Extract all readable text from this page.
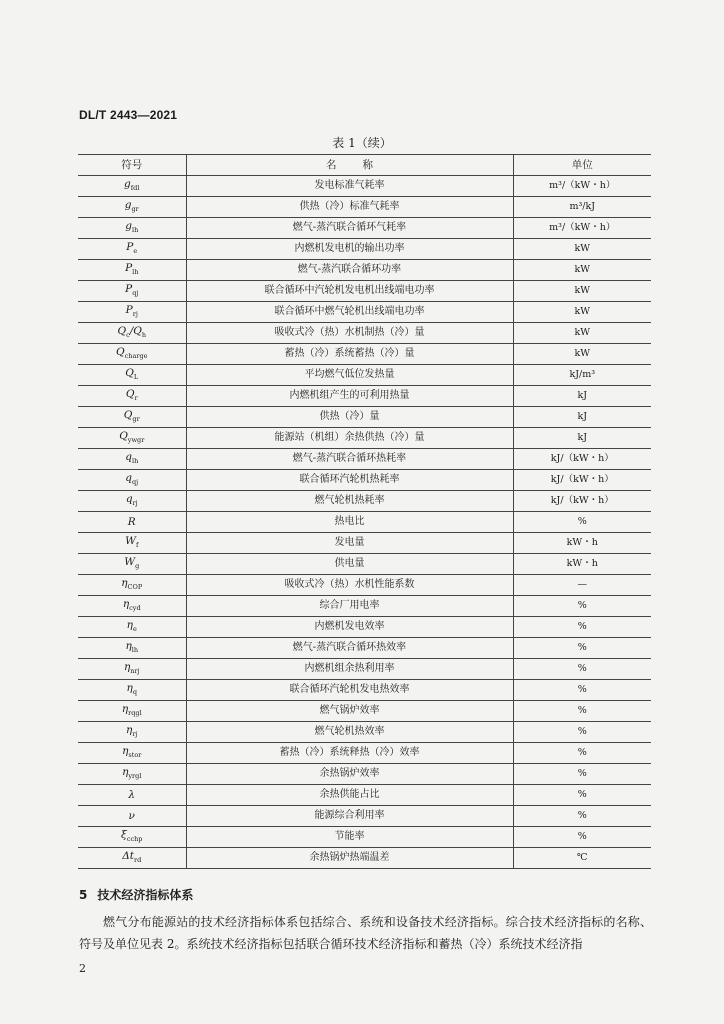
DL/T 2443—2021
表 1（续）
符号	名称	单位
$g_{fdl}$	发电标准气耗率	m³/（kW・h）
$g_{gr}$	供热（冷）标准气耗率	m³/kJ
$g_{lh}$	燃气-蒸汽联合循环气耗率	m³/（kW・h）
$P_e$	内燃机发电机的输出功率	kW
$P_{lh}$	燃气-蒸汽联合循环功率	kW
$P_{qj}$	联合循环中汽轮机发电机出线端电功率	kW
$P_{rj}$	联合循环中燃气轮机出线端电功率	kW
$Q_c/Q_h$	吸收式冷（热）水机制热（冷）量	kW
$Q_{charge}$	蓄热（冷）系统蓄热（冷）量	kW
$Q_L$	平均燃气低位发热量	kJ/m³
$Q_r$	内燃机组产生的可利用热量	kJ
$Q_{gr}$	供热（冷）量	kJ
$Q_{ywgr}$	能源站（机组）余热供热（冷）量	kJ
$q_{lh}$	燃气-蒸汽联合循环热耗率	kJ/（kW・h）
$q_{qj}$	联合循环汽轮机热耗率	kJ/（kW・h）
$q_{rj}$	燃气轮机热耗率	kJ/（kW・h）
R	热电比	%
$W_f$	发电量	kW・h
$W_g$	供电量	kW・h
$\eta_{COP}$	吸收式冷（热）水机性能系数	—
$\eta_{cyd}$	综合厂用电率	%
$\eta_e$	内燃机发电效率	%
$\eta_{lh}$	燃气-蒸汽联合循环热效率	%
$\eta_{nrj}$	内燃机组余热利用率	%
$\eta_q$	联合循环汽轮机发电热效率	%
$\eta_{rqgl}$	燃气锅炉效率	%
$\eta_{rj}$	燃气轮机热效率	%
$\eta_{stor}$	蓄热（冷）系统释热（冷）效率	%
$\eta_{yrgl}$	余热锅炉效率	%
λ	余热供能占比	%
ν	能源综合利用率	%
$\xi_{cchp}$	节能率	%
$\Delta t_{rd}$	余热锅炉热端温差	℃
5 技术经济指标体系
燃气分布能源站的技术经济指标体系包括综合、系统和设备技术经济指标。综合技术经济指标的名称、符号及单位见表 2。系统技术经济指标包括联合循环技术经济指标和蓄热（冷）系统技术经济指
2
